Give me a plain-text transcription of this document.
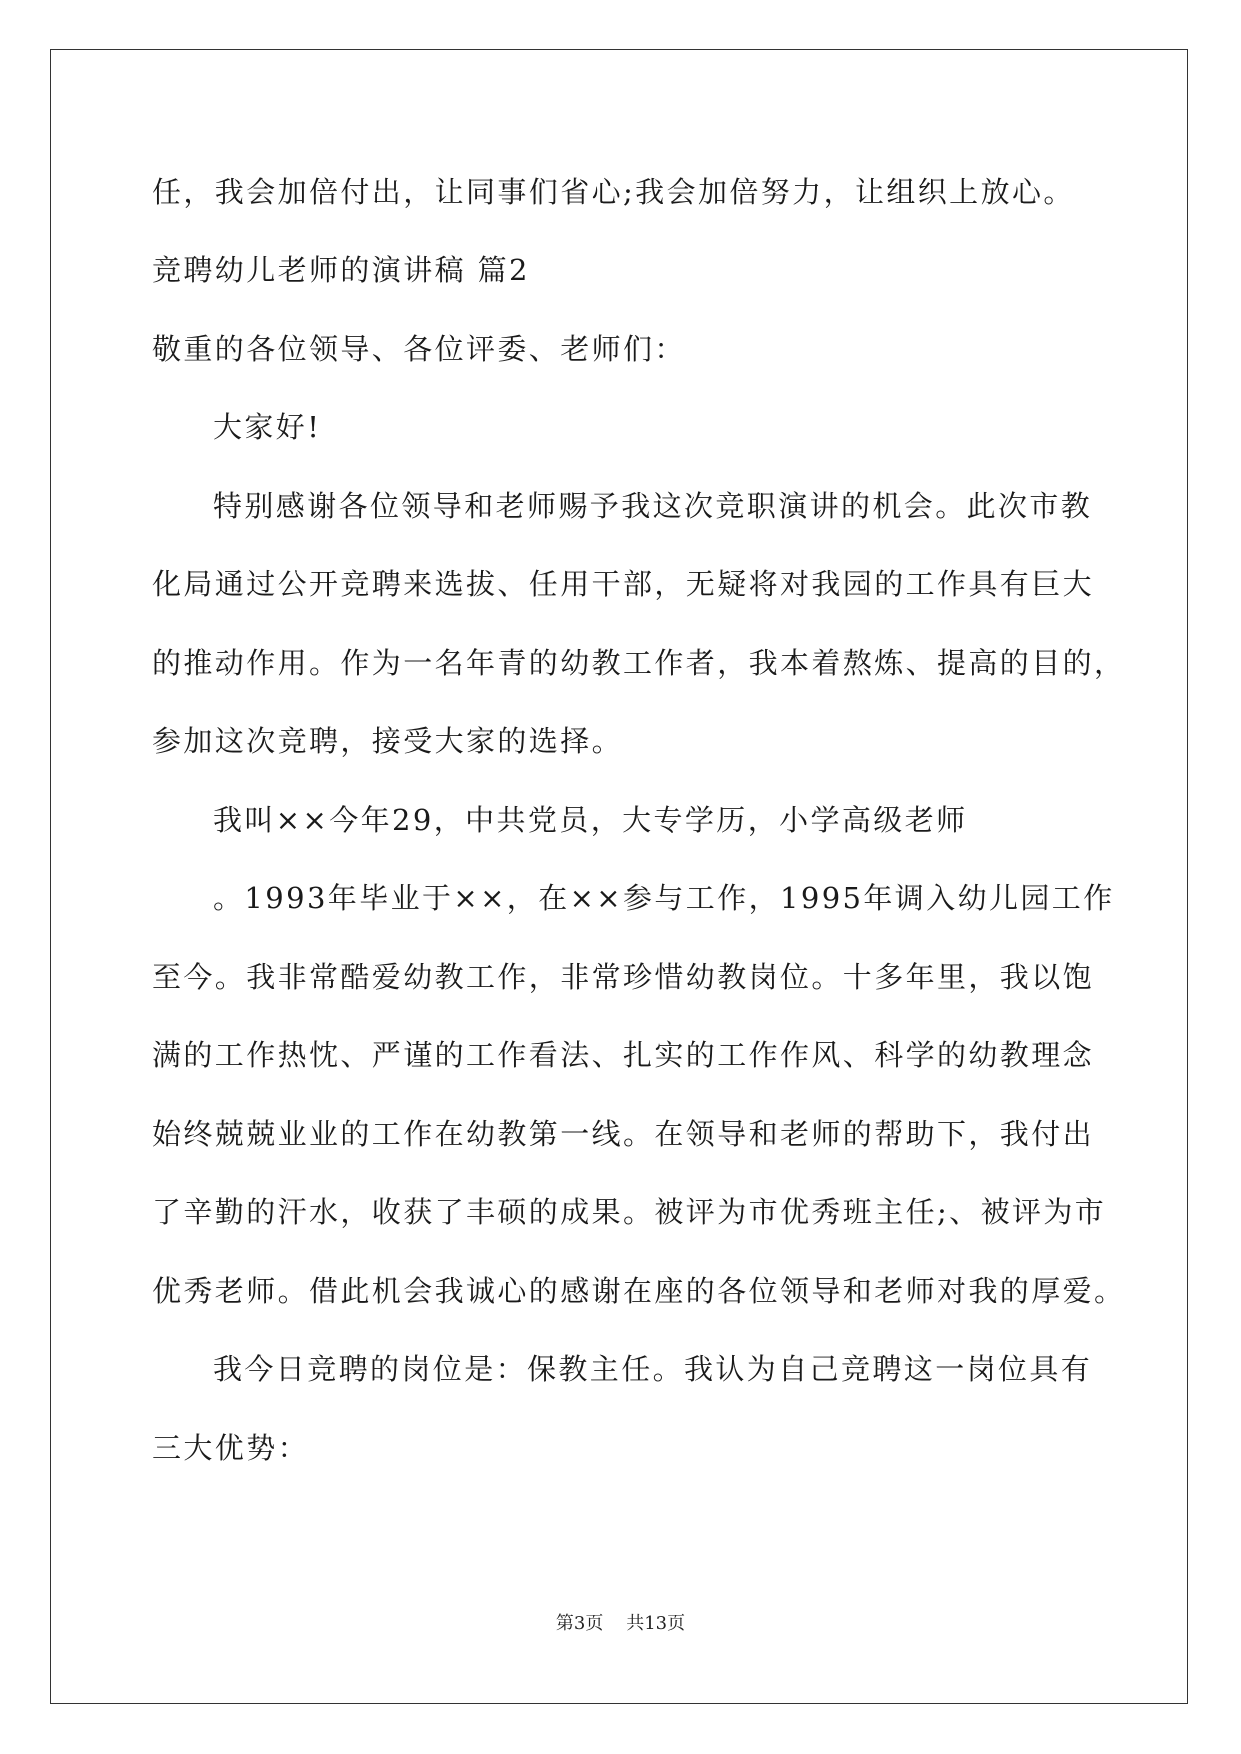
任，我会加倍付出，让同事们省心;我会加倍努力，让组织上放心。
竞聘幼儿老师的演讲稿 篇2
敬重的各位领导、各位评委、老师们：
大家好!
特别感谢各位领导和老师赐予我这次竞职演讲的机会。此次市教
化局通过公开竞聘来选拔、任用干部，无疑将对我园的工作具有巨大
的推动作用。作为一名年青的幼教工作者，我本着熬炼、提高的目的，
参加这次竞聘，接受大家的选择。
我叫××今年29，中共党员，大专学历，小学高级老师
。1993年毕业于××，在××参与工作，1995年调入幼儿园工作
至今。我非常酷爱幼教工作，非常珍惜幼教岗位。十多年里，我以饱
满的工作热忱、严谨的工作看法、扎实的工作作风、科学的幼教理念
始终兢兢业业的工作在幼教第一线。在领导和老师的帮助下，我付出
了辛勤的汗水，收获了丰硕的成果。被评为市优秀班主任;、被评为市
优秀老师。借此机会我诚心的感谢在座的各位领导和老师对我的厚爱。
我今日竞聘的岗位是：保教主任。我认为自己竞聘这一岗位具有
三大优势：
第3页 共13页
